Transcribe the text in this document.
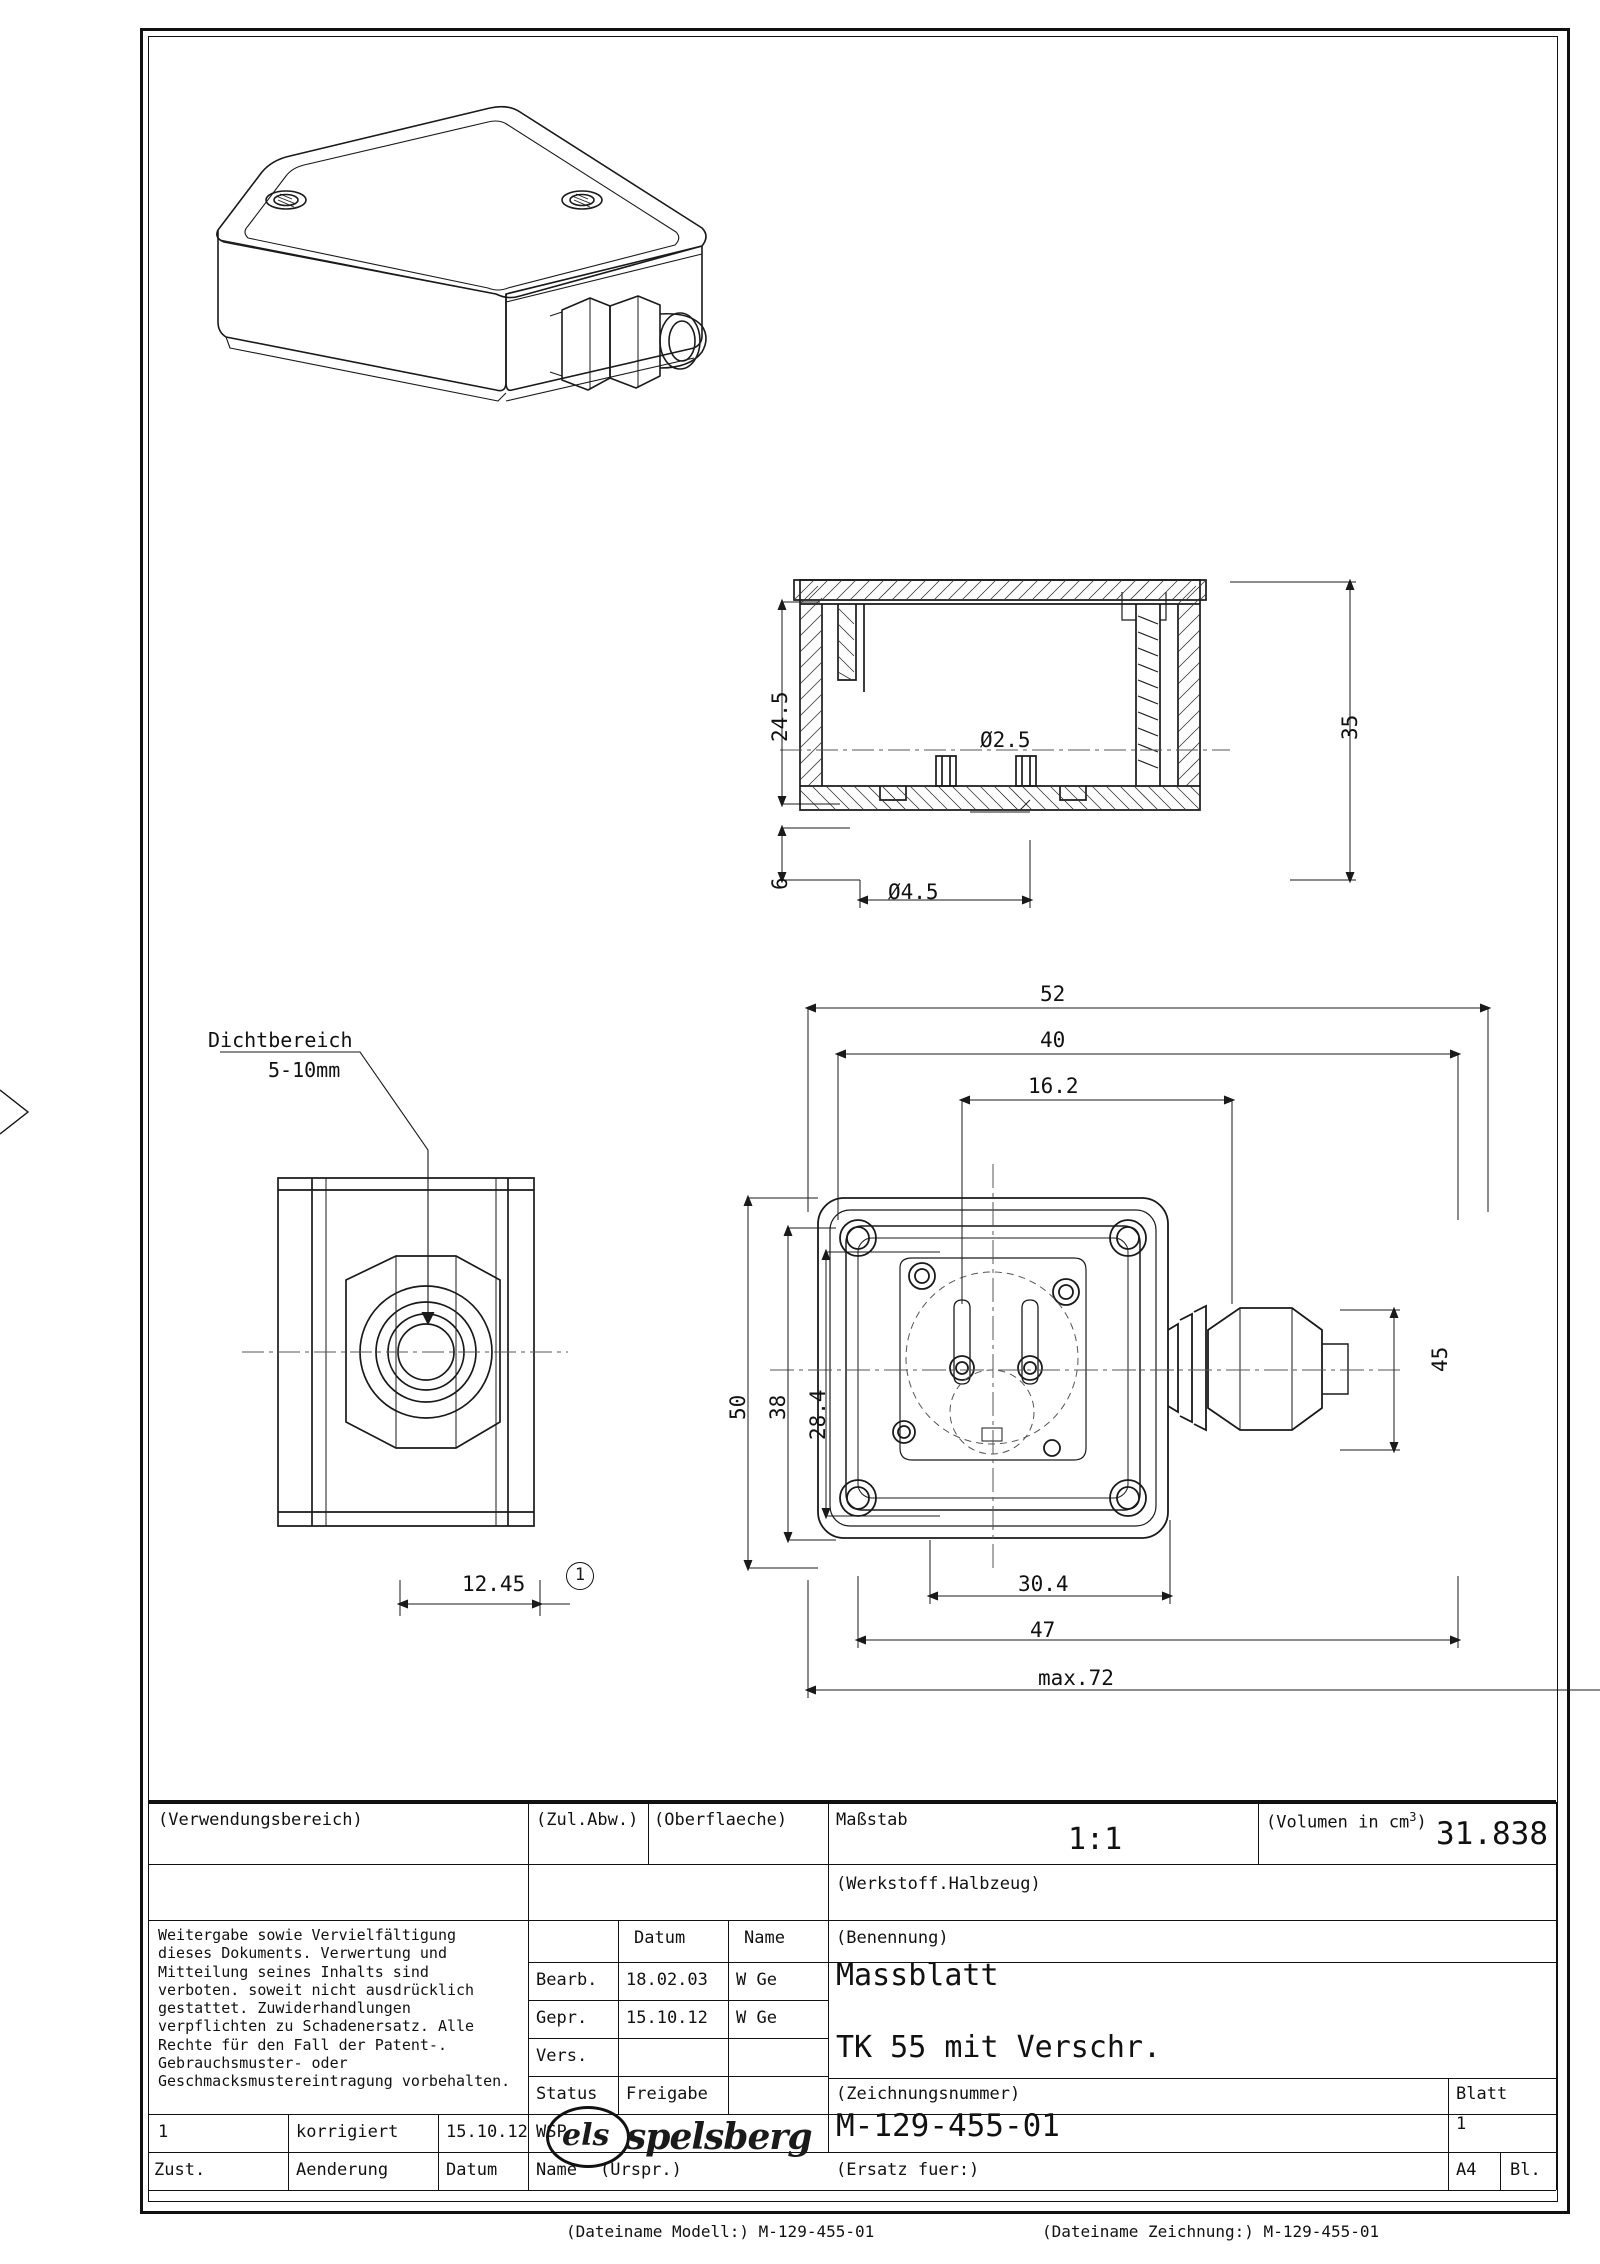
24.5
6
35
Ø2.5
Ø4.5
Dichtbereich
5-10mm
12.45	1
52
40
16.2
50 38 28.4
45
30.4
47
max.72
(Verwendungsbereich)	(Zul.Abw.) (Oberflaeche)	Maßstab
1:1	(Volumen in $cm^3$) 31.838
(Werkstoff.Halbzeug)
Weitergabe sowie Vervielfältigung dieses Dokuments. Verwertung und Mitteilung seines Inhalts sind verboten. soweit nicht ausdrücklich gestattet. Zuwiderhandlungen verpflichten zu Schadenersatz. Alle Rechte für den Fall der Patent-. Gebrauchsmuster- oder Geschmacksmustereintragung vorbehalten.
Datum	Name
Bearb. 18.02.03 W Ge
Gepr. 15.10.12 W Ge
Vers.
Status Freigabe
(Benennung)
Massblatt
TK 55 mit Verschr.
(Zeichnungsnummer)
M-129-455-01
Blatt
1
A4 Bl.
els spelsberg
1	korrigiert	15.10.12 WSP
Zust.	Aenderung	Datum Name (Urspr.)	(Ersatz fuer:)
(Dateiname Modell:) M-129-455-01	(Dateiname Zeichnung:) M-129-455-01
